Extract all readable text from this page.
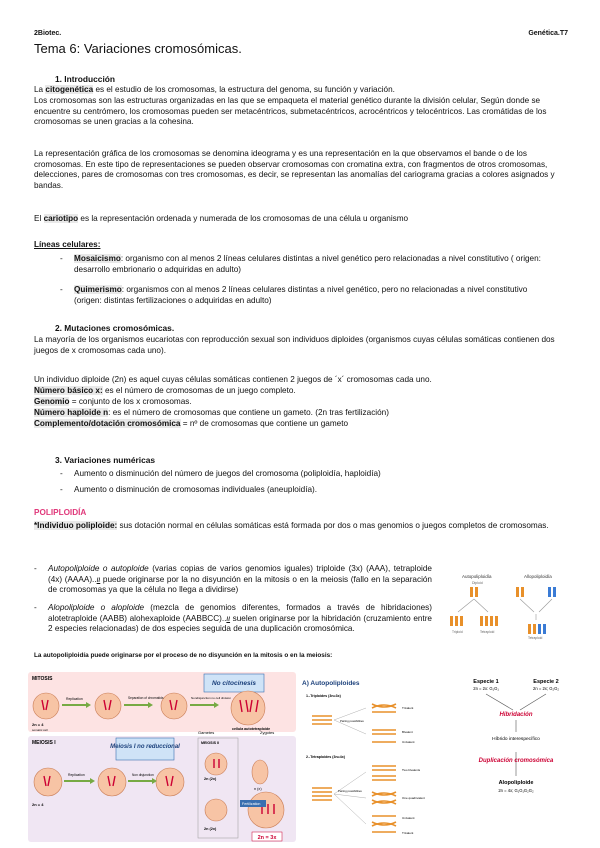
2Biotec.	Genética.T7
Tema 6: Variaciones cromosómicas.
1. Introducción
La citogenética es el estudio de los cromosomas, la estructura del genoma, su función y variación.
Los cromosomas son las estructuras organizadas en las que se empaqueta el material genético durante la división celular, Según donde se encuentre su centrómero, los cromosomas pueden ser metacéntricos, submetacéntricos, acrocéntricos y telocéntricos. Las cromátidas de los cromosomas se unen gracias a la cohesina.
La representación gráfica de los cromosomas se denomina ideograma y es una representación en la que observamos el bande o de los cromosomas. En este tipo de representaciones se pueden observar cromosomas con cromatina extra, con fragmentos de otros cromosomas, delecciones, pares de cromosomas con tres cromosomas, es decir, se representan las anomalías del cariograma gracias a colores asignados y bandas.
El cariotipo es la representación ordenada y numerada de los cromosomas de una célula u organismo
Líneas celulares:
- Mosaicismo: organismo con al menos 2 líneas celulares distintas a nivel genético pero relacionadas a nivel constitutivo ( origen: desarrollo embrionario o adquiridas en adulto)
- Quimerismo: organismos con al menos 2 líneas celulares distintas a nivel genético, pero no relacionadas a nivel constitutivo (origen: distintas fertilizaciones o adquiridas en adulto)
2. Mutaciones cromosómicas.
La mayoría de los organismos eucariotas con reproducción sexual son individuos diploides (organismos cuyas células somáticas contienen dos juegos de x cromosomas cada uno).
Un individuo diploide (2n) es aquel cuyas células somáticas contienen 2 juegos de ´x´ cromosomas cada uno.
Número básico x: es el número de cromosomas de un juego completo.
Genomio = conjunto de los x cromosomas.
Número haploide n: es el número de cromosomas que contiene un gameto. (2n tras fertilización)
Complemento/dotación cromosómica = nº de cromosomas que contiene un gameto
3. Variaciones numéricas
- Aumento o disminución del número de juegos del cromosoma (poliploidía, haploidía)
- Aumento o disminución de cromosomas individuales (aneuploidía).
POLIPLOIDÍA
*Individuo poliploide: sus dotación normal en células somáticas está formada por dos o mas genomios o juegos completos de cromosomas.
- Autopoliploide o autoploide (varias copias de varios genomios iguales) triploide (3x) (AAA), tetraploide (4x) (AAAA)..ιι puede originarse por la no disyunción en la mitosis o en la meiosis (fallo en la separación de cromosomas ya que la célula no llega a dividirse)
- Alopoliploide o aloploide (mezcla de genomios diferentes, formados a través de hibridaciones) alotetraploide (AABB) alohexaploide (AABBCC)..ιι suelen originarse por la hibridación (cruzamiento entre 2 especies relacionadas) de dos especies seguida de una duplicación cromosómica.
La autopoliploidía puede originarse por el proceso de no disyunción en la mitosis o en la meiosis:
Autopoliploidía	Allopoliploidía
Diploid
Triploid	Tetraploid
Tetraploid
MITOSIS
No citocinesis
Replication	Separation of chromatids	Nondisjunction no cell division
2n = 4
somatic cell	cellula autotetraploide
MEIOSIS I
Gametes	Zygotes
Meiosis I no reduccional
Replication	Non disjunction
2n = 4
MEIOSIS II
2n (2x)
2n (2x)
n (x)
Fertilization
2n = 3x
A) Autopoliploides
1.-Triploides (3n=3x)
Pairing possibilities
Trivalent
Bivalent
Univalent
2.-Tetraploides (3n=4x)
Pairing possibilities
Two bivalents
One quadrivalent
Univalent
Trivalent
Especie 1
2n = 2x: G₁G₁
Especie 2
2n = 2x; G₂G₂
Hibridación
Híbrido interespecífico
Duplicación cromosómica
Alopoliploide
2n = 4x; G₁G₁G₂G₂
